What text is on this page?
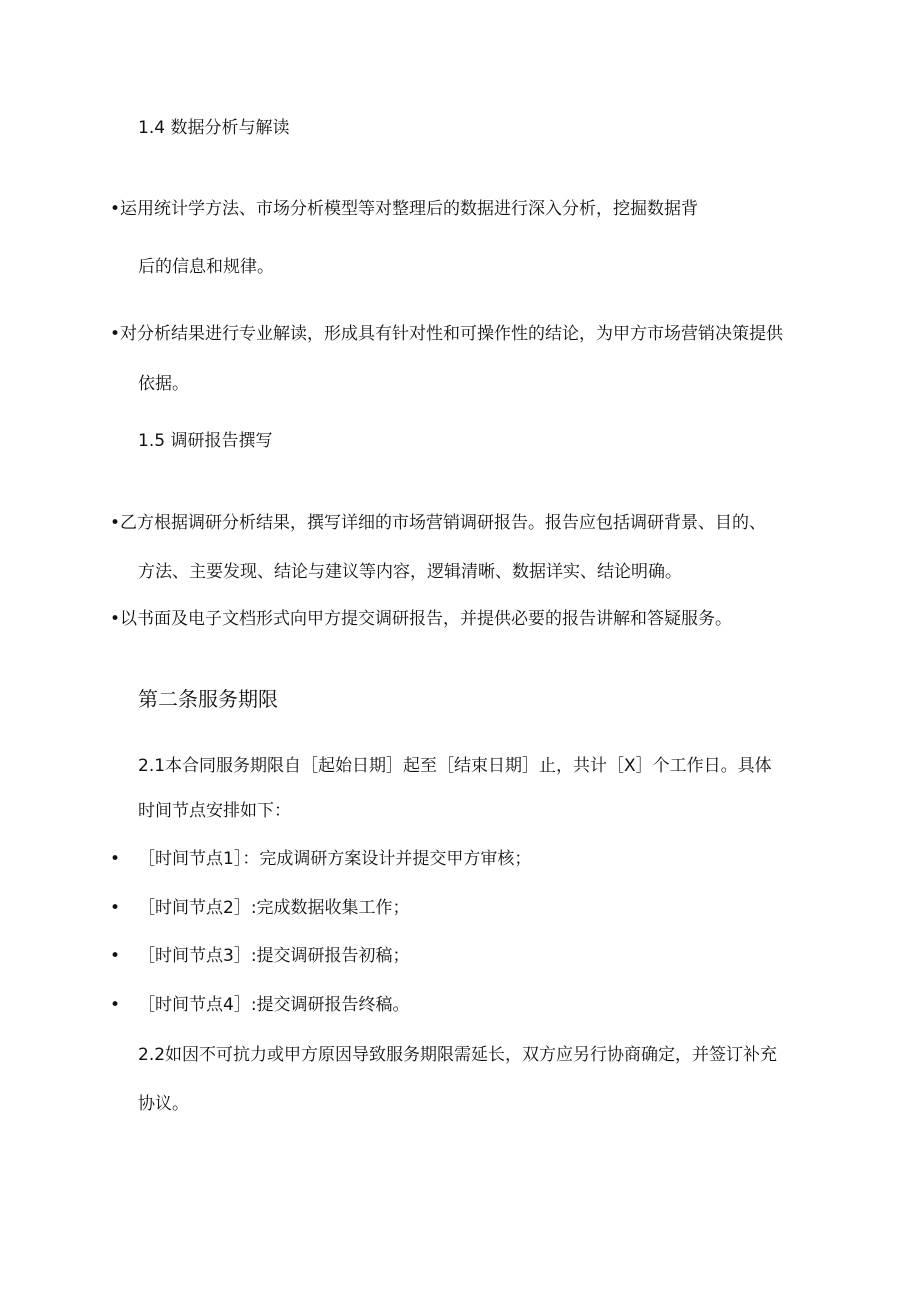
1.4 数据分析与解读

•运用统计学方法、市场分析模型等对整理后的数据进行深入分析，挖掘数据背

后的信息和规律。

•对分析结果进行专业解读，形成具有针对性和可操作性的结论，为甲方市场营销决策提供

依据。

1.5 调研报告撰写

•乙方根据调研分析结果，撰写详细的市场营销调研报告。报告应包括调研背景、目的、

方法、主要发现、结论与建议等内容，逻辑清晰、数据详实、结论明确。

•以书面及电子文档形式向甲方提交调研报告，并提供必要的报告讲解和答疑服务。

第二条服务期限

2.1本合同服务期限自［起始日期］起至［结束日期］止，共计［X］个工作日。具体

时间节点安排如下：

• ［时间节点1］：完成调研方案设计并提交甲方审核；

• ［时间节点2］:完成数据收集工作；

• ［时间节点3］:提交调研报告初稿；

• ［时间节点4］:提交调研报告终稿。

2.2如因不可抗力或甲方原因导致服务期限需延长，双方应另行协商确定，并签订补充

协议。
